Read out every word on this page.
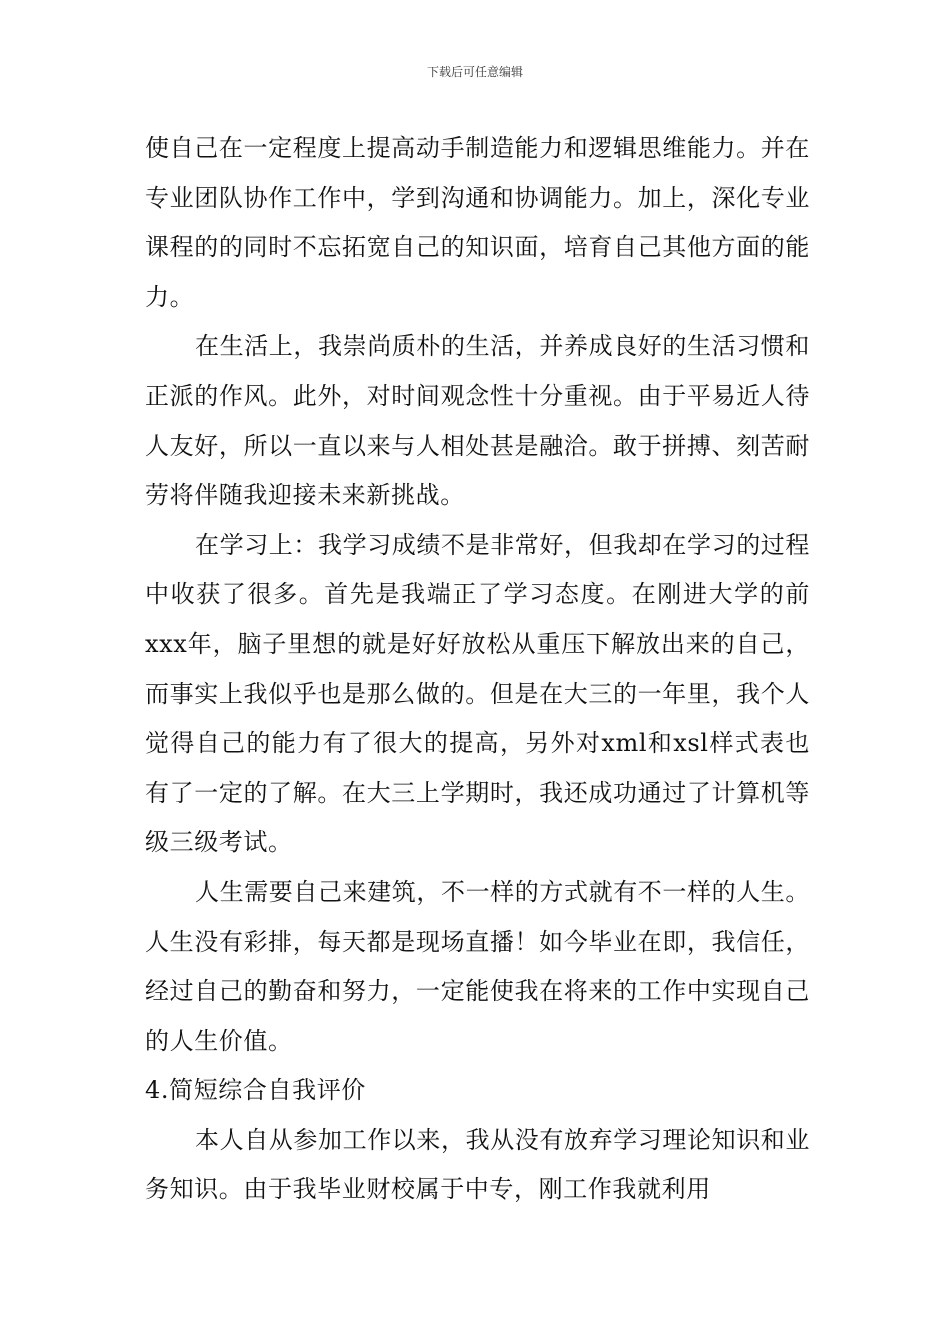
下载后可任意编辑

使自己在一定程度上提高动手制造能力和逻辑思维能力。并在专业团队协作工作中，学到沟通和协调能力。加上，深化专业课程的的同时不忘拓宽自己的知识面，培育自己其他方面的能力。

在生活上，我崇尚质朴的生活，并养成良好的生活习惯和正派的作风。此外，对时间观念性十分重视。由于平易近人待人友好，所以一直以来与人相处甚是融洽。敢于拼搏、刻苦耐劳将伴随我迎接未来新挑战。

在学习上：我学习成绩不是非常好，但我却在学习的过程中收获了很多。首先是我端正了学习态度。在刚进大学的前xxx年，脑子里想的就是好好放松从重压下解放出来的自己，而事实上我似乎也是那么做的。但是在大三的一年里，我个人觉得自己的能力有了很大的提高，另外对xml和xsl样式表也有了一定的了解。在大三上学期时，我还成功通过了计算机等级三级考试。

人生需要自己来建筑，不一样的方式就有不一样的人生。人生没有彩排，每天都是现场直播！如今毕业在即，我信任，经过自己的勤奋和努力，一定能使我在将来的工作中实现自己的人生价值。

4.简短综合自我评价

本人自从参加工作以来，我从没有放弃学习理论知识和业务知识。由于我毕业财校属于中专，刚工作我就利用
